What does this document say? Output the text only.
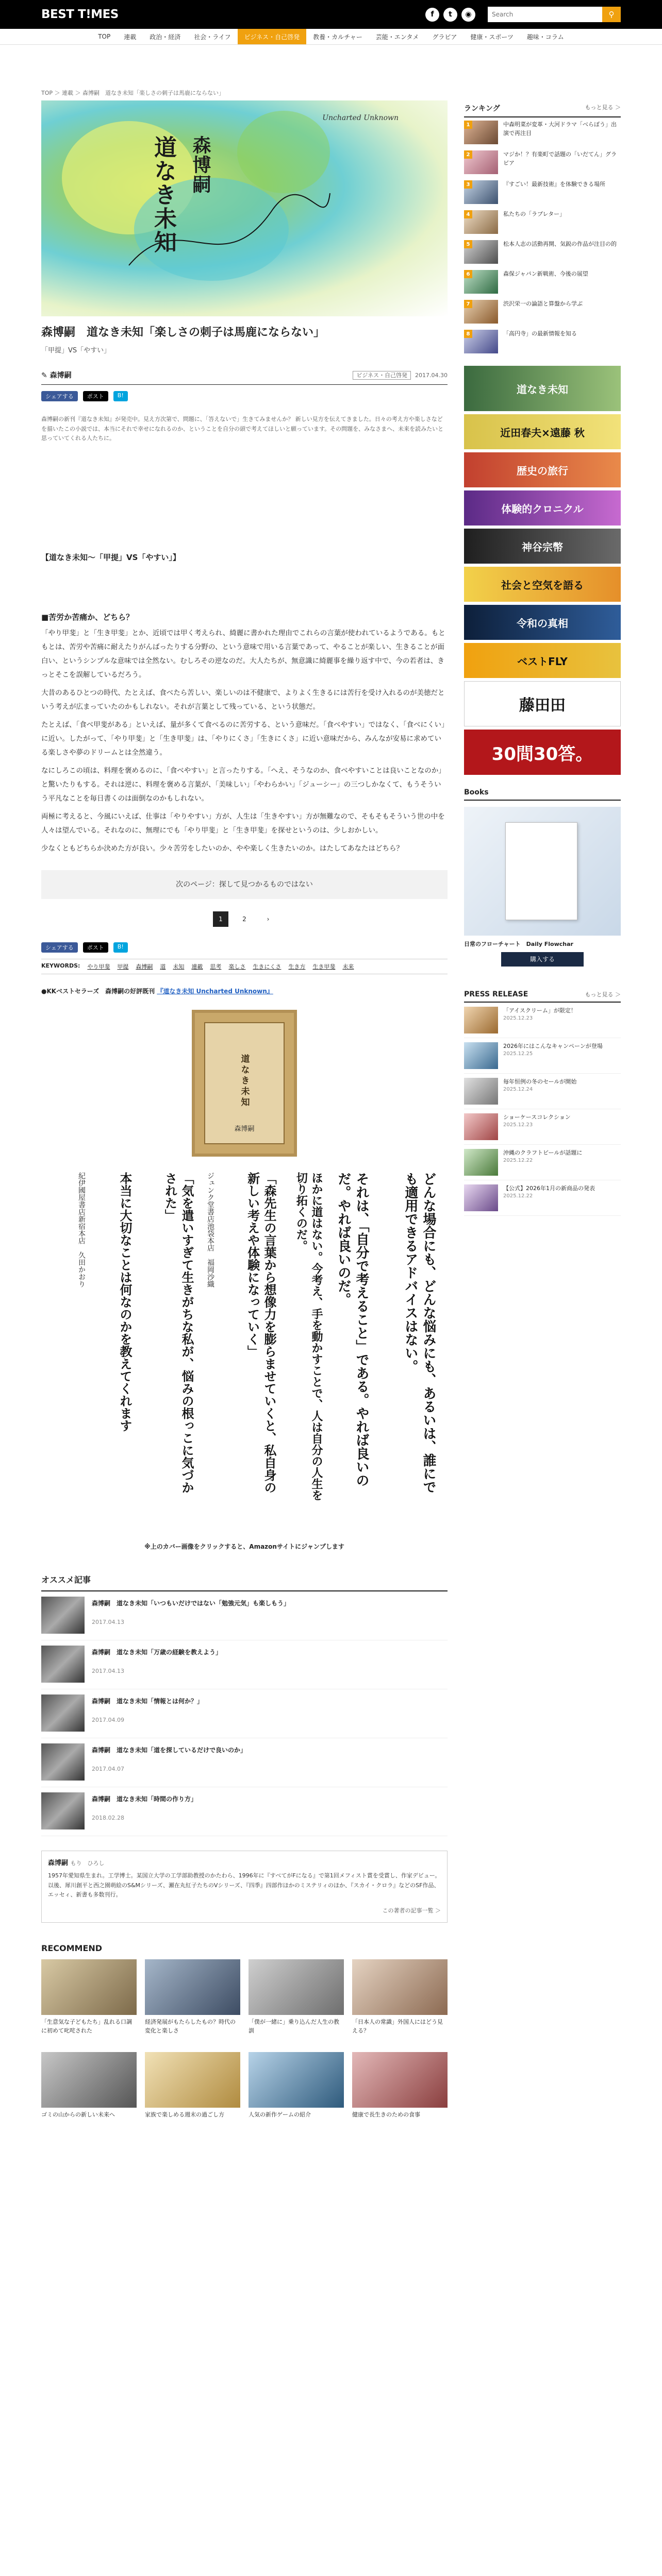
BEST T!MES	f	t	◉
Search	⚲
TOP	連載	政治・経済	社会・ライフ	ビジネス・自己啓発	教養・カルチャー	芸能・エンタメ	グラビア	健康・スポーツ	趣味・コラム
TOP ＞ 連載 ＞ 森博嗣　道なき未知「楽しさの刺子は馬鹿にならない」
Uncharted Unknown
道なき未知 森博嗣
森博嗣　道なき未知「楽しさの刺子は馬鹿にならない」
「甲提」VS「やすい」
✎ 森博嗣	ビジネス・自己啓発 2017.04.30
シェアする	ポスト	B!

森博嗣の新刊『道なき未知』が発売中。見え方次第で、問題に、「答えないで」生きてみませんか？ 新しい見方を伝えてきました。日々の考え方や楽しさなどを描いたこの小説では、本当にそれで幸せになれるのか、ということを自分の頭で考えてほしいと願っています。その問題を、みなさまへ、未来を読みたいと思っていてくれる人たちに。

【道なき未知〜「甲提」VS「やすい」】
■苦労か苦痛か、どちら？

「やり甲斐」と「生き甲斐」とか、近頃では甲く考えられ、綺麗に書かれた理由でこれらの言葉が使われているようである。もともとは、苦労や苦痛に耐えたりがんばったりする分野の、という意味で用いる言葉であって、やることが楽しい、生きることが面白い、というシンプルな意味では全然ない。むしろその逆なのだ。大人たちが、無意識に綺麗事を繰り返す中で、今の若者は、きっとそこを誤解しているだろう。

大昔のあるひとつの時代、たとえば、食べたら苦しい、楽しいのは不健康で、よりよく生きるには苦行を受け入れるのが美徳だという考えが広まっていたのかもしれない。それが言葉として残っている、という状態だ。

たとえば、「食べ甲斐がある」といえば、量が多くて食べるのに苦労する、という意味だ。「食べやすい」ではなく、「食べにくい」に近い。したがって、「やり甲斐」と「生き甲斐」は、「やりにくさ」「生きにくさ」に近い意味だから、みんなが安易に求めている楽しさや夢のドリームとは全然違う。

なにしろこの頃は、料理を褒めるのに、「食べやすい」と言ったりする。「へえ、そうなのか、食べやすいことは良いことなのか」と驚いたりもする。それは逆に、料理を褒める言葉が、「美味しい」「やわらかい」「ジューシー」の三つしかなくて、もうそういう平凡なことを毎日書くのは面倒なのかもしれない。

両極に考えると、今風にいえば、仕事は「やりやすい」方が、人生は「生きやすい」方が無難なので、そもそもそういう世の中を人々は望んでいる。それなのに、無理にでも「やり甲斐」と「生き甲斐」を探せというのは、少しおかしい。

少なくともどちらか決めた方が良い。少々苦労をしたいのか、やや楽しく生きたいのか。はたしてあなたはどちら？

次のページ：探して見つかるものではない
1	2	›
シェアする	ポスト	B!
KEYWORDS: やり甲斐 甲提 森博嗣 道 未知 連載 思考 楽しさ 生きにくさ 生き方 生き甲斐 未来
●KKベストセラーズ　森博嗣の好評既刊 『道なき未知 Uncharted Unknown』
道なき未知
森博嗣
どんな場合にも、どんな悩みにも、あるいは、誰にでも適用できるアドバイスはない。
それは、「自分で考えること」である。やれば良いのだ。やれば良いのだ。
ほかに道はない。今考え、手を動かすことで、人は自分の人生を切り拓くのだ。
「森先生の言葉から想像力を膨らませていくと、私自身の新しい考えや体験になっていく」
ジュンク堂書店池袋本店　福岡沙織
「気を遣いすぎて生きがちな私が、悩みの根っこに気づかされた」
本当に大切なことは何なのかを教えてくれます
紀伊國屋書店新宿本店　久田かおり
※上のカバー画像をクリックすると、Amazonサイトにジャンプします
オススメ記事
森博嗣　道なき未知「いつもいだけではない「勉強元気」も楽しもう」
2017.04.13
森博嗣　道なき未知「万歳の経験を教えよう」
2017.04.13
森博嗣　道なき未知「情報とは何か？」
2017.04.09
森博嗣　道なき未知「道を探しているだけで良いのか」
2017.04.07
森博嗣　道なき未知「時間の作り方」
2018.02.28
森博嗣 もり　ひろし

1957年愛知県生まれ。工学博士。某国立大学の工学部助教授のかたわら、1996年に『すべてがFになる』で第1回メフィスト賞を受賞し、作家デビュー。以後、犀川創平と西之園萌絵のS&Mシリーズ、瀬在丸紅子たちのVシリーズ、『四季』四部作ほかのミステリィのほか、『スカイ・クロラ』などのSF作品、エッセィ、新書も多数刊行。

この著者の記事一覧 ＞
RECOMMEND

「生意気な子どもたち」乱れる口調に初めて叱咤された

経済発展がもたらしたもの？時代の変化と楽しさ

「僕が一緒に」乗り込んだ人生の教訓

「日本人の常識」外国人にはどう見える？

ゴミの山からの新しい未来へ	家族で楽しめる週末の過ごし方	人気の新作ゲームの紹介	健康で長生きのための食事

ランキング	もっと見る ＞
1	中森明菜が変革・大河ドラマ「べらぼう」出演で再注目

2	マジか！？有楽町で話題の「いだてん」グラビア

3	『すごい！最新技術』を体験できる場所

4	私たちの「ラブレター」

5	松本人志の活動再開、気鋭の作品が注目の的

6	森保ジャパン新戦術、今後の展望

7	渋沢栄一の論語と算盤から学ぶ

8	「高円寺」の最新情報を知る

道なき未知
近田春夫×遠藤 秋
歴史の旅行
体験的クロニクル
神谷宗幣
社会と空気を語る
令和の真相
ベストFLY
藤田田
30間30答。
Books
日常のフローチャート　Daily Flowchar
購入する
PRESS RELEASE	もっと見る ＞

「アイスクリーム」が限定！

2025.12.23

2026年にはこんなキャンペーンが登場

2025.12.25

毎年恒例の冬のセールが開始

2025.12.24

ショーケースコレクション

2025.12.23

沖縄のクラフトビールが話題に

2025.12.22

【公式】2026年1月の新商品の発表

2025.12.22
